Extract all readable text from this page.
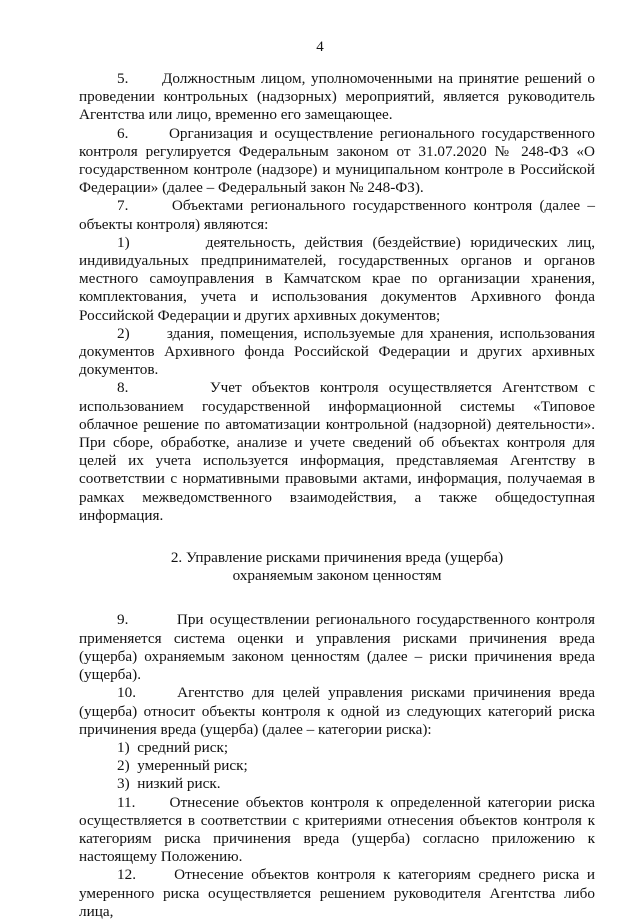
4

5. Должностным лицом, уполномоченными на принятие решений о проведении контрольных (надзорных) мероприятий, является руководитель Агентства или лицо, временно его замещающее.

6.	Организация и осуществление регионального государственного контроля регулируется Федеральным законом от 31.07.2020 № 248-ФЗ «О государственном контроле (надзоре) и муниципальном контроле в Российской Федерации» (далее – Федеральный закон № 248-ФЗ).

7.	Объектами регионального государственного контроля (далее – объекты контроля) являются:

1)	деятельность, действия (бездействие) юридических лиц, индивидуальных предпринимателей, государственных органов и органов местного самоуправления в Камчатском крае по организации хранения, комплектования, учета и использования документов Архивного фонда Российской Федерации и других архивных документов;

2) здания, помещения, используемые для хранения, использования документов Архивного фонда Российской Федерации и других архивных документов.

8.	Учет объектов контроля осуществляется Агентством с использованием государственной информационной системы «Типовое облачное решение по автоматизации контрольной (надзорной) деятельности». При сборе, обработке, анализе и учете сведений об объектах контроля для целей их учета используется информация, представляемая Агентству в соответствии с нормативными правовыми актами, информация, получаемая в рамках межведомственного взаимодействия, а также общедоступная информация.

2. Управление рисками причинения вреда (ущерба)
охраняемым законом ценностям

9.	При осуществлении регионального государственного контроля применяется система оценки и управления рисками причинения вреда (ущерба) охраняемым законом ценностям (далее – риски причинения вреда (ущерба).

10.	Агентство для целей управления рисками причинения вреда (ущерба) относит объекты контроля к одной из следующих категорий риска причинения вреда (ущерба) (далее – категории риска):

1) средний риск;

2) умеренный риск;

3) низкий риск.

11. Отнесение объектов контроля к определенной категории риска осуществляется в соответствии с критериями отнесения объектов контроля к категориям риска причинения вреда (ущерба) согласно приложению к настоящему Положению.

12.	Отнесение объектов контроля к категориям среднего риска и умеренного риска осуществляется решением руководителя Агентства либо лица,
